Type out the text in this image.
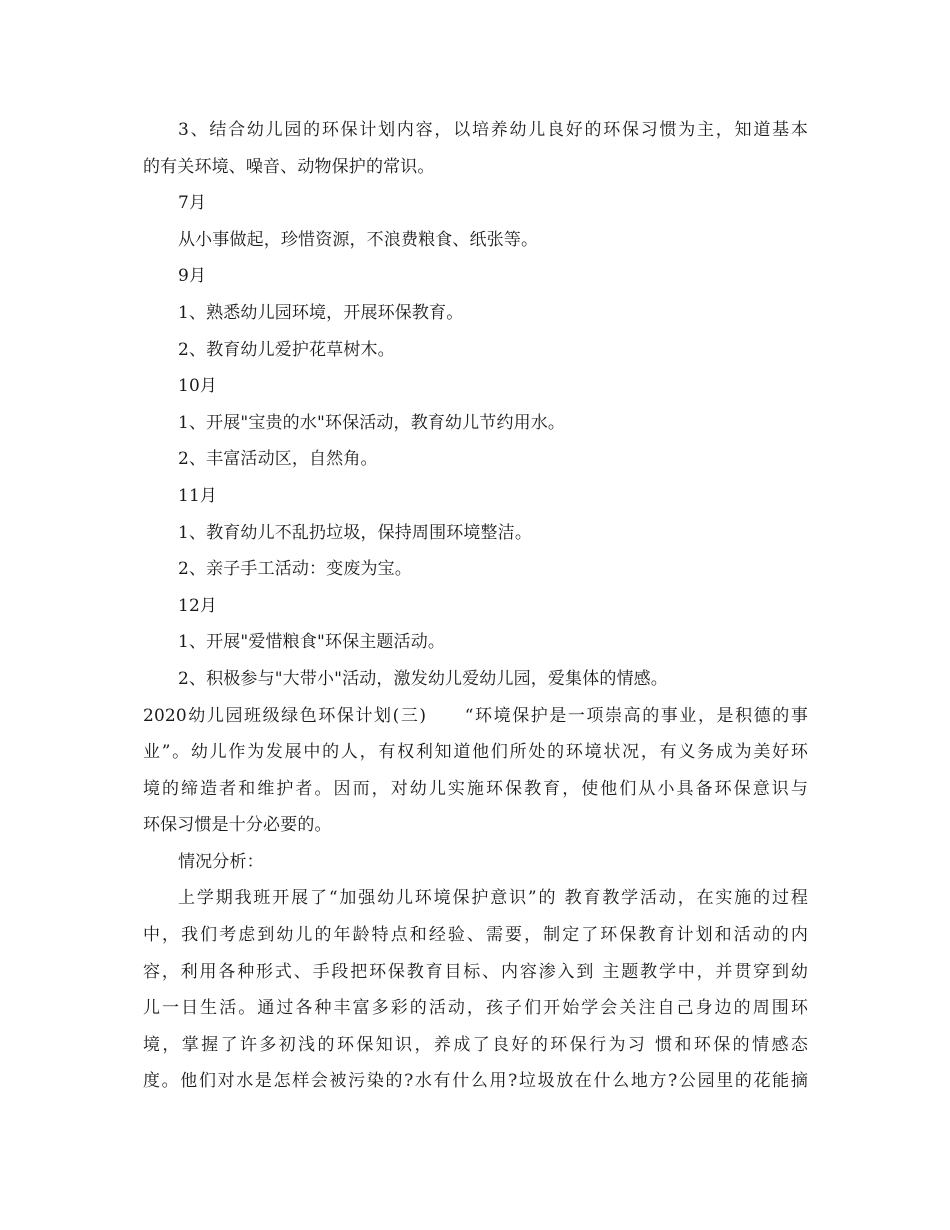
3、结合幼儿园的环保计划内容，以培养幼儿良好的环保习惯为主，知道基本
的有关环境、噪音、动物保护的常识。
7月
从小事做起，珍惜资源，不浪费粮食、纸张等。
9月
1、熟悉幼儿园环境，开展环保教育。
2、教育幼儿爱护花草树木。
10月
1、开展"宝贵的水"环保活动，教育幼儿节约用水。
2、丰富活动区，自然角。
11月
1、教育幼儿不乱扔垃圾，保持周围环境整洁。
2、亲子手工活动：变废为宝。
12月
1、开展"爱惜粮食"环保主题活动。
2、积极参与"大带小"活动，激发幼儿爱幼儿园，爱集体的情感。
2020幼儿园班级绿色环保计划(三)　　“环境保护是一项崇高的事业，是积德的事
业”。幼儿作为发展中的人，有权利知道他们所处的环境状况，有义务成为美好环
境的缔造者和维护者。因而，对幼儿实施环保教育，使他们从小具备环保意识与
环保习惯是十分必要的。
情况分析：
上学期我班开展了“加强幼儿环境保护意识”的 教育教学活动，在实施的过程
中，我们考虑到幼儿的年龄特点和经验、需要，制定了环保教育计划和活动的内
容，利用各种形式、手段把环保教育目标、内容渗入到 主题教学中，并贯穿到幼
儿一日生活。通过各种丰富多彩的活动，孩子们开始学会关注自己身边的周围环
境，掌握了许多初浅的环保知识，养成了良好的环保行为习 惯和环保的情感态
度。他们对水是怎样会被污染的?水有什么用?垃圾放在什么地方?公园里的花能摘
